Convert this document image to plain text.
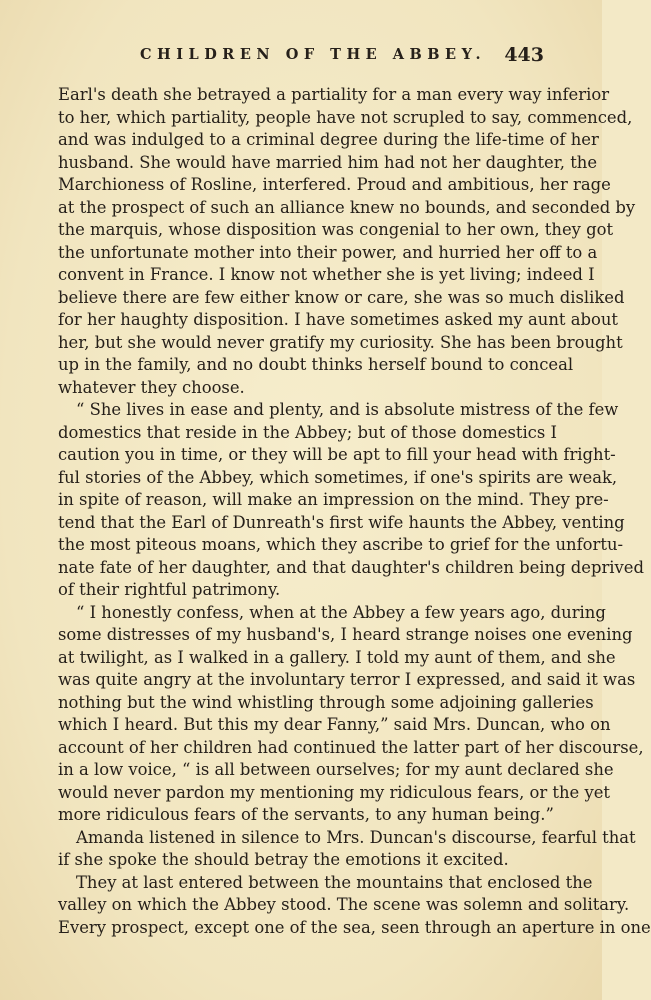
CHILDREN OF THE ABBEY. 443
Earl's death she betrayed a partiality for a man every way inferior
to her, which partiality, people have not scrupled to say, commenced,
and was indulged to a criminal degree during the life-time of her
husband. She would have married him had not her daughter, the
Marchioness of Rosline, interfered. Proud and ambitious, her rage
at the prospect of such an alliance knew no bounds, and seconded by
the marquis, whose disposition was congenial to her own, they got
the unfortunate mother into their power, and hurried her off to a
convent in France. I know not whether she is yet living; indeed I
believe there are few either know or care, she was so much disliked
for her haughty disposition. I have sometimes asked my aunt about
her, but she would never gratify my curiosity. She has been brought
up in the family, and no doubt thinks herself bound to conceal
whatever they choose.
“ She lives in ease and plenty, and is absolute mistress of the few
domestics that reside in the Abbey; but of those domestics I
caution you in time, or they will be apt to fill your head with fright-
ful stories of the Abbey, which sometimes, if one's spirits are weak,
in spite of reason, will make an impression on the mind. They pre-
tend that the Earl of Dunreath's first wife haunts the Abbey, venting
the most piteous moans, which they ascribe to grief for the unfortu-
nate fate of her daughter, and that daughter's children being deprived
of their rightful patrimony.
“ I honestly confess, when at the Abbey a few years ago, during
some distresses of my husband's, I heard strange noises one evening
at twilight, as I walked in a gallery. I told my aunt of them, and she
was quite angry at the involuntary terror I expressed, and said it was
nothing but the wind whistling through some adjoining galleries
which I heard. But this my dear Fanny,” said Mrs. Duncan, who on
account of her children had continued the latter part of her discourse,
in a low voice, “ is all between ourselves; for my aunt declared she
would never pardon my mentioning my ridiculous fears, or the yet
more ridiculous fears of the servants, to any human being.”
Amanda listened in silence to Mrs. Duncan's discourse, fearful that
if she spoke the should betray the emotions it excited.
They at last entered between the mountains that enclosed the
valley on which the Abbey stood. The scene was solemn and solitary.
Every prospect, except one of the sea, seen through an aperture in one
